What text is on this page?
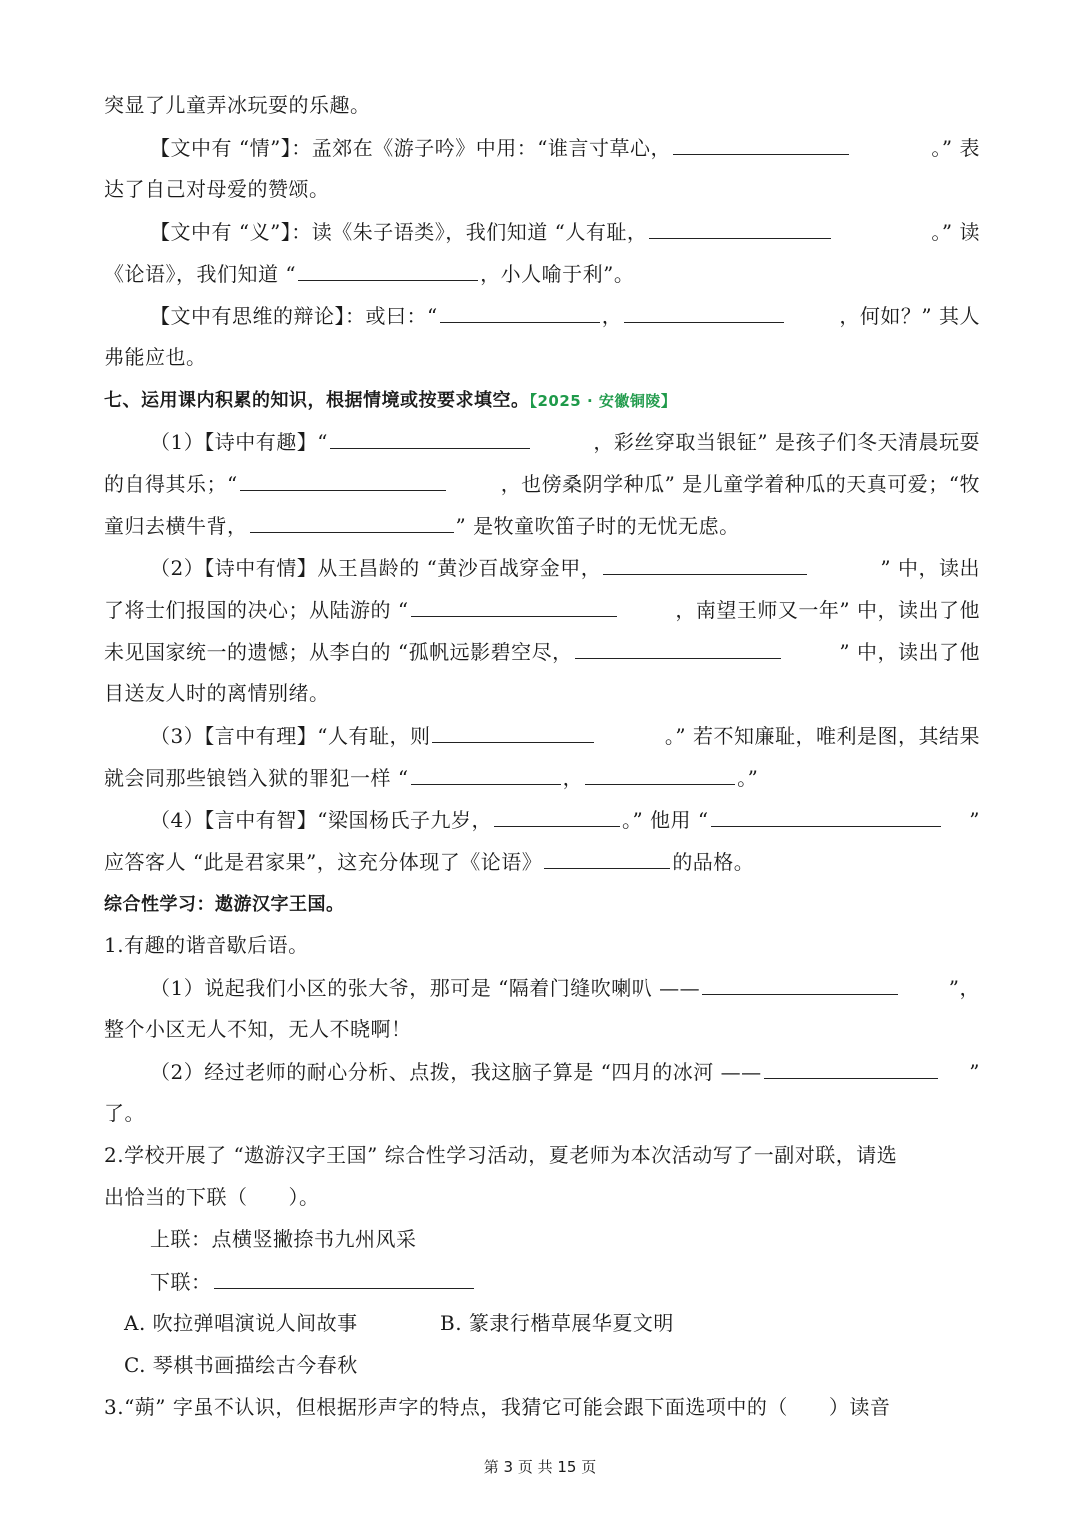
突显了儿童弄冰玩耍的乐趣。
【文中有 “情”】：孟郊在《游子吟》中用：“谁言寸草心，	。” 表
达了自己对母爱的赞颂。
【文中有 “义”】：读《朱子语类》，我们知道 “人有耻，	。” 读
《论语》，我们知道 “	，小人喻于利”。
【文中有思维的辩论】：或曰：“	，	，何如？” 其人
弗能应也。
七、运用课内积累的知识，根据情境或按要求填空。【2025 · 安徽铜陵】
（1）【诗中有趣】“	，彩丝穿取当银钲” 是孩子们冬天清晨玩耍
的自得其乐；“	，也傍桑阴学种瓜” 是儿童学着种瓜的天真可爱；“牧
童归去横牛背，	” 是牧童吹笛子时的无忧无虑。
（2）【诗中有情】从王昌龄的 “黄沙百战穿金甲，	” 中，读出
了将士们报国的决心；从陆游的 “	，南望王师又一年” 中，读出了他
未见国家统一的遗憾；从李白的 “孤帆远影碧空尽，	” 中，读出了他
目送友人时的离情别绪。
（3）【言中有理】“人有耻，则	。” 若不知廉耻，唯利是图，其结果
就会同那些锒铛入狱的罪犯一样 “	，	。”
（4）【言中有智】“梁国杨氏子九岁，	。” 他用 “	”
应答客人 “此是君家果”，这充分体现了《论语》	的品格。
综合性学习：遨游汉字王国。
1.有趣的谐音歇后语。
（1）说起我们小区的张大爷，那可是 “隔着门缝吹喇叭 ——	”，
整个小区无人不知，无人不晓啊！
（2）经过老师的耐心分析、点拨，我这脑子算是 “四月的冰河 ——	”
了。
2.学校开展了 “遨游汉字王国” 综合性学习活动，夏老师为本次活动写了一副对联，请选
出恰当的下联（　　）。
上联：点横竖撇捺书九州风采
下联：
A. 吹拉弹唱演说人间故事	B. 篆隶行楷草展华夏文明
C. 琴棋书画描绘古今春秋
3.“蒴” 字虽不认识，但根据形声字的特点，我猜它可能会跟下面选项中的（　　）读音
第 3 页 共 15 页
